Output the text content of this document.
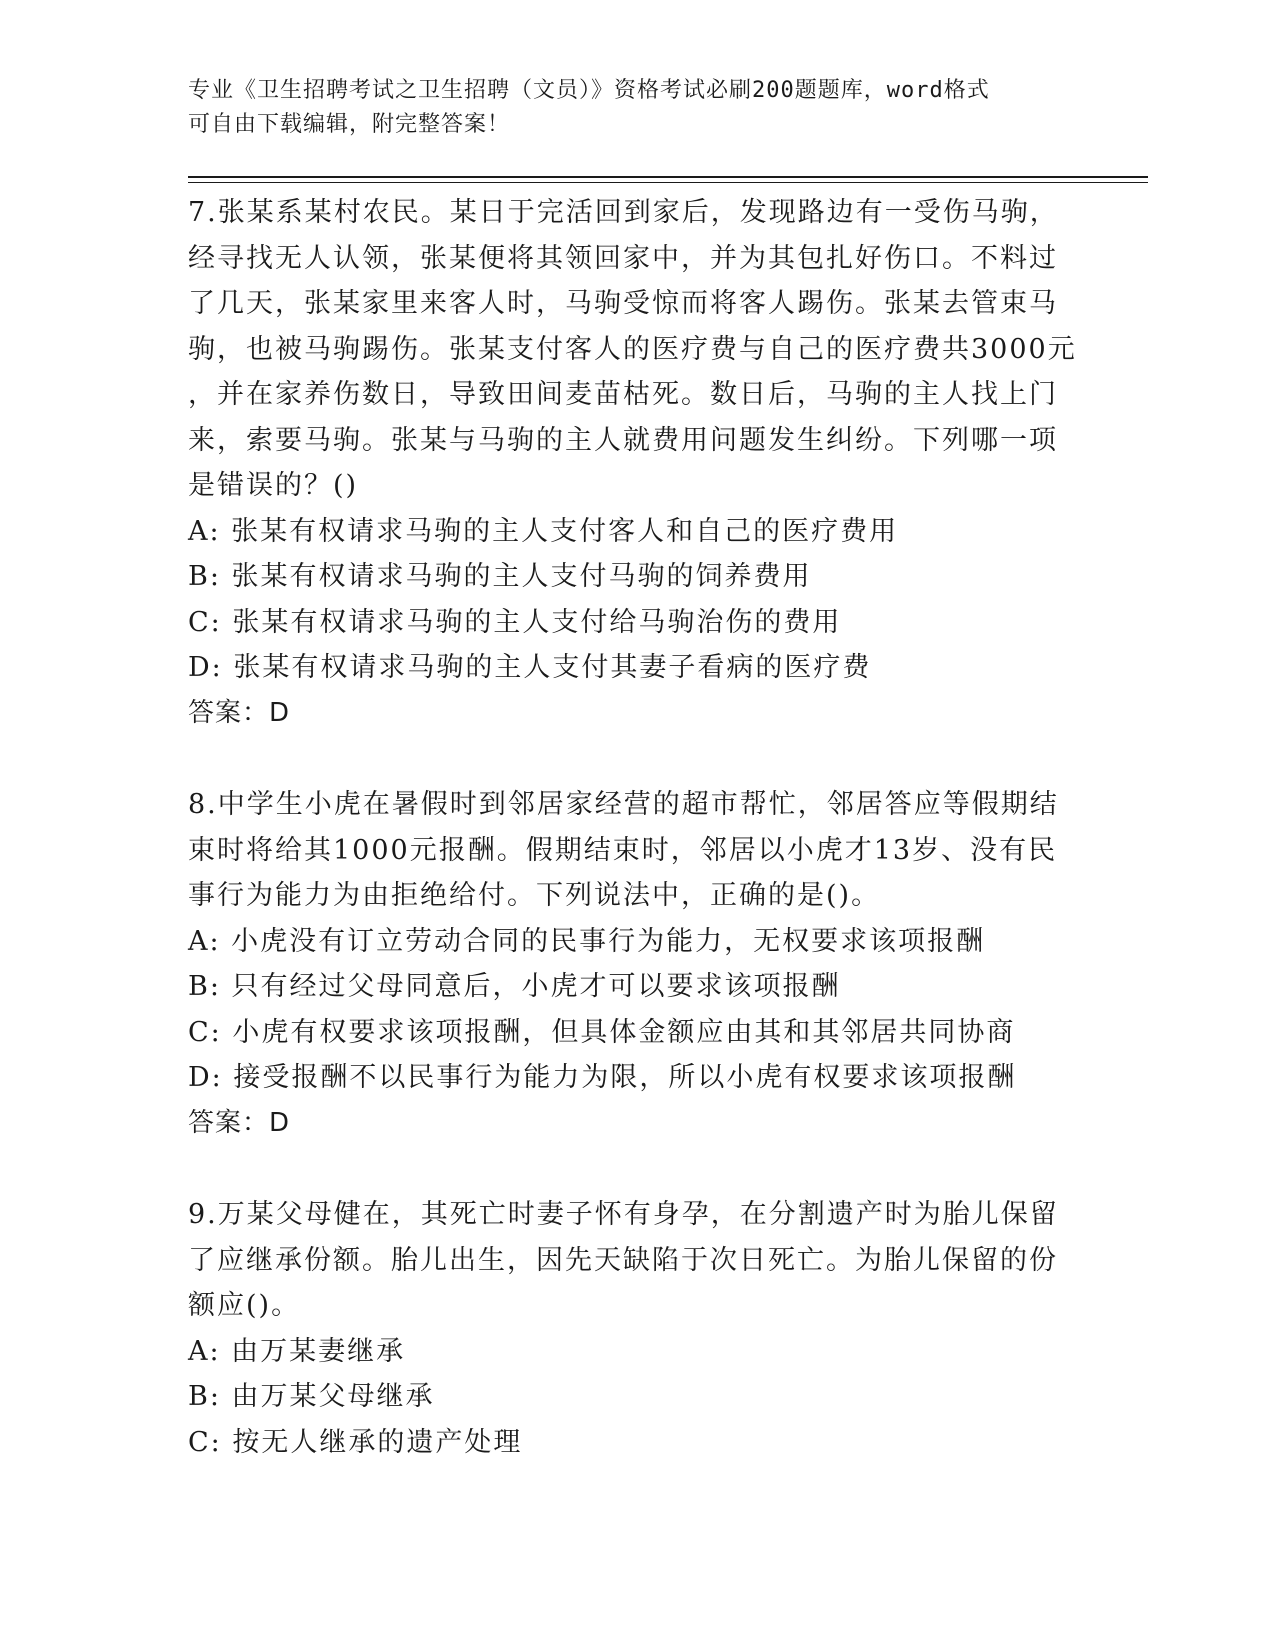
专业《卫生招聘考试之卫生招聘（文员）》资格考试必刷200题题库，word格式
可自由下载编辑，附完整答案！
7.张某系某村农民。某日于完活回到家后，发现路边有一受伤马驹，
经寻找无人认领，张某便将其领回家中，并为其包扎好伤口。不料过
了几天，张某家里来客人时，马驹受惊而将客人踢伤。张某去管束马
驹，也被马驹踢伤。张某支付客人的医疗费与自己的医疗费共3000元
，并在家养伤数日，导致田间麦苗枯死。数日后，马驹的主人找上门
来，索要马驹。张某与马驹的主人就费用问题发生纠纷。下列哪一项
是错误的？()
A: 张某有权请求马驹的主人支付客人和自己的医疗费用
B: 张某有权请求马驹的主人支付马驹的饲养费用
C: 张某有权请求马驹的主人支付给马驹治伤的费用
D: 张某有权请求马驹的主人支付其妻子看病的医疗费
答案：D
8.中学生小虎在暑假时到邻居家经营的超市帮忙，邻居答应等假期结
束时将给其1000元报酬。假期结束时，邻居以小虎才13岁、没有民
事行为能力为由拒绝给付。下列说法中，正确的是()。
A: 小虎没有订立劳动合同的民事行为能力，无权要求该项报酬
B: 只有经过父母同意后，小虎才可以要求该项报酬
C: 小虎有权要求该项报酬，但具体金额应由其和其邻居共同协商
D: 接受报酬不以民事行为能力为限，所以小虎有权要求该项报酬
答案：D
9.万某父母健在，其死亡时妻子怀有身孕，在分割遗产时为胎儿保留
了应继承份额。胎儿出生，因先天缺陷于次日死亡。为胎儿保留的份
额应()。
A: 由万某妻继承
B: 由万某父母继承
C: 按无人继承的遗产处理
